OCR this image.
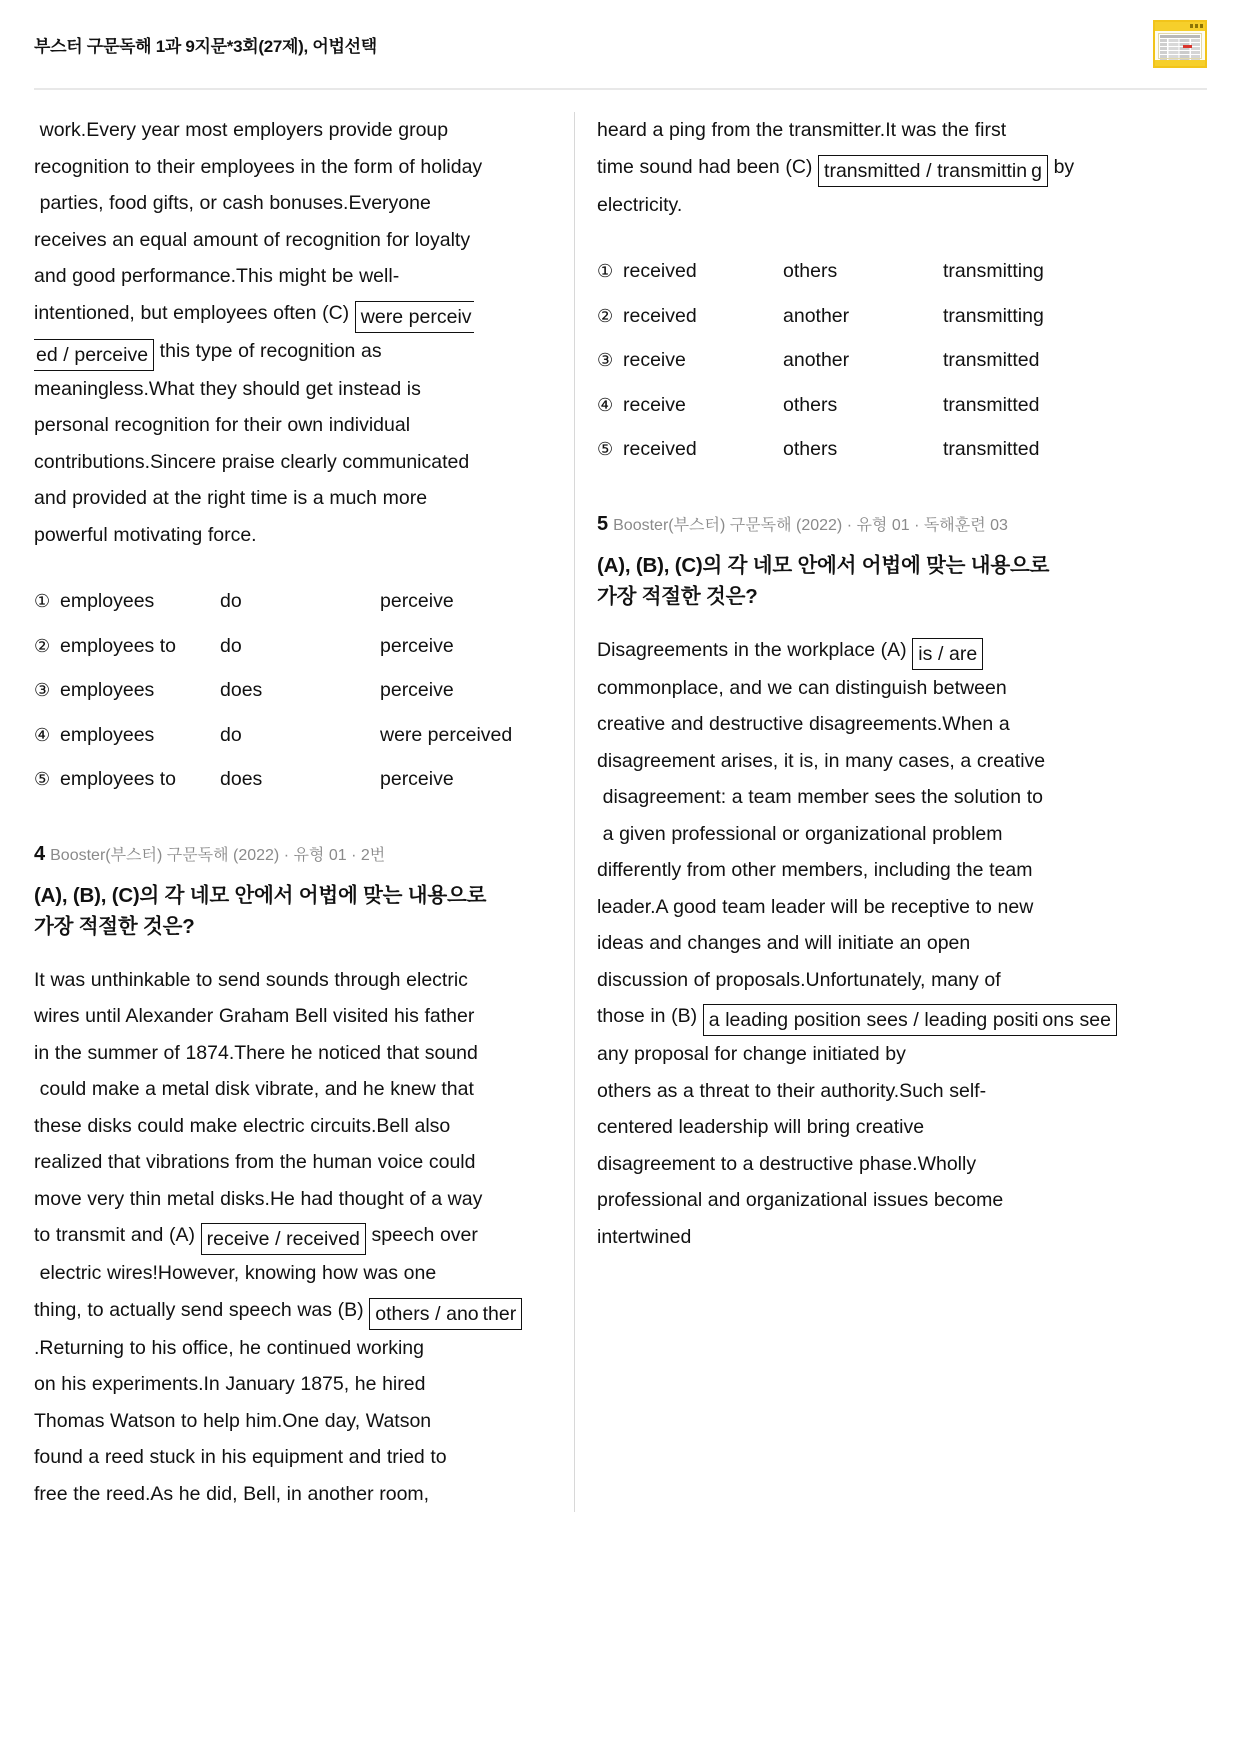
부스터 구문독해 1과 9지문*3회(27제), 어법선택
work.Every year most employers provide group
recognition to their employees in the form of holiday
parties, food gifts, or cash bonuses.Everyone
receives an equal amount of recognition for loyalty
and good performance.This might be well-
intentioned, but employees often (C) were perceived / perceive this type of recognition as
meaningless.What they should get instead is
personal recognition for their own individual
contributions.Sincere praise clearly communicated
and provided at the right time is a much more
powerful motivating force.
① employees	do	perceive
② employees to	do	perceive
③ employees	does	perceive
④ employees	do	were perceived
⑤ employees to	does	perceive
4 Booster(부스터) 구문독해 (2022) · 유형 01 · 2번
(A), (B), (C)의 각 네모 안에서 어법에 맞는 내용으로
가장 적절한 것은?
It was unthinkable to send sounds through electric
wires until Alexander Graham Bell visited his father
in the summer of 1874.There he noticed that sound
could make a metal disk vibrate, and he knew that
these disks could make electric circuits.Bell also
realized that vibrations from the human voice could
move very thin metal disks.He had thought of a way
to transmit and (A) receive / received speech over
electric wires!However, knowing how was one
thing, to actually send speech was (B) others / ano ther .Returning to his office, he continued working
on his experiments.In January 1875, he hired
Thomas Watson to help him.One day, Watson
found a reed stuck in his equipment and tried to
free the reed.As he did, Bell, in another room,
heard a ping from the transmitter.It was the first
time sound had been (C) transmitted / transmittin g by electricity.
① received	others	transmitting
② received	another	transmitting
③ receive	another	transmitted
④ receive	others	transmitted
⑤ received	others	transmitted
5 Booster(부스터) 구문독해 (2022) · 유형 01 · 독해훈련 03
(A), (B), (C)의 각 네모 안에서 어법에 맞는 내용으로
가장 적절한 것은?
Disagreements in the workplace (A) is / are
commonplace, and we can distinguish between
creative and destructive disagreements.When a
disagreement arises, it is, in many cases, a creative
disagreement: a team member sees the solution to
a given professional or organizational problem
differently from other members, including the team
leader.A good team leader will be receptive to new
ideas and changes and will initiate an open
discussion of proposals.Unfortunately, many of
those in (B) a leading position sees / leading positi ons see any proposal for change initiated by
others as a threat to their authority.Such self-
centered leadership will bring creative
disagreement to a destructive phase.Wholly
professional and organizational issues become
intertwined
